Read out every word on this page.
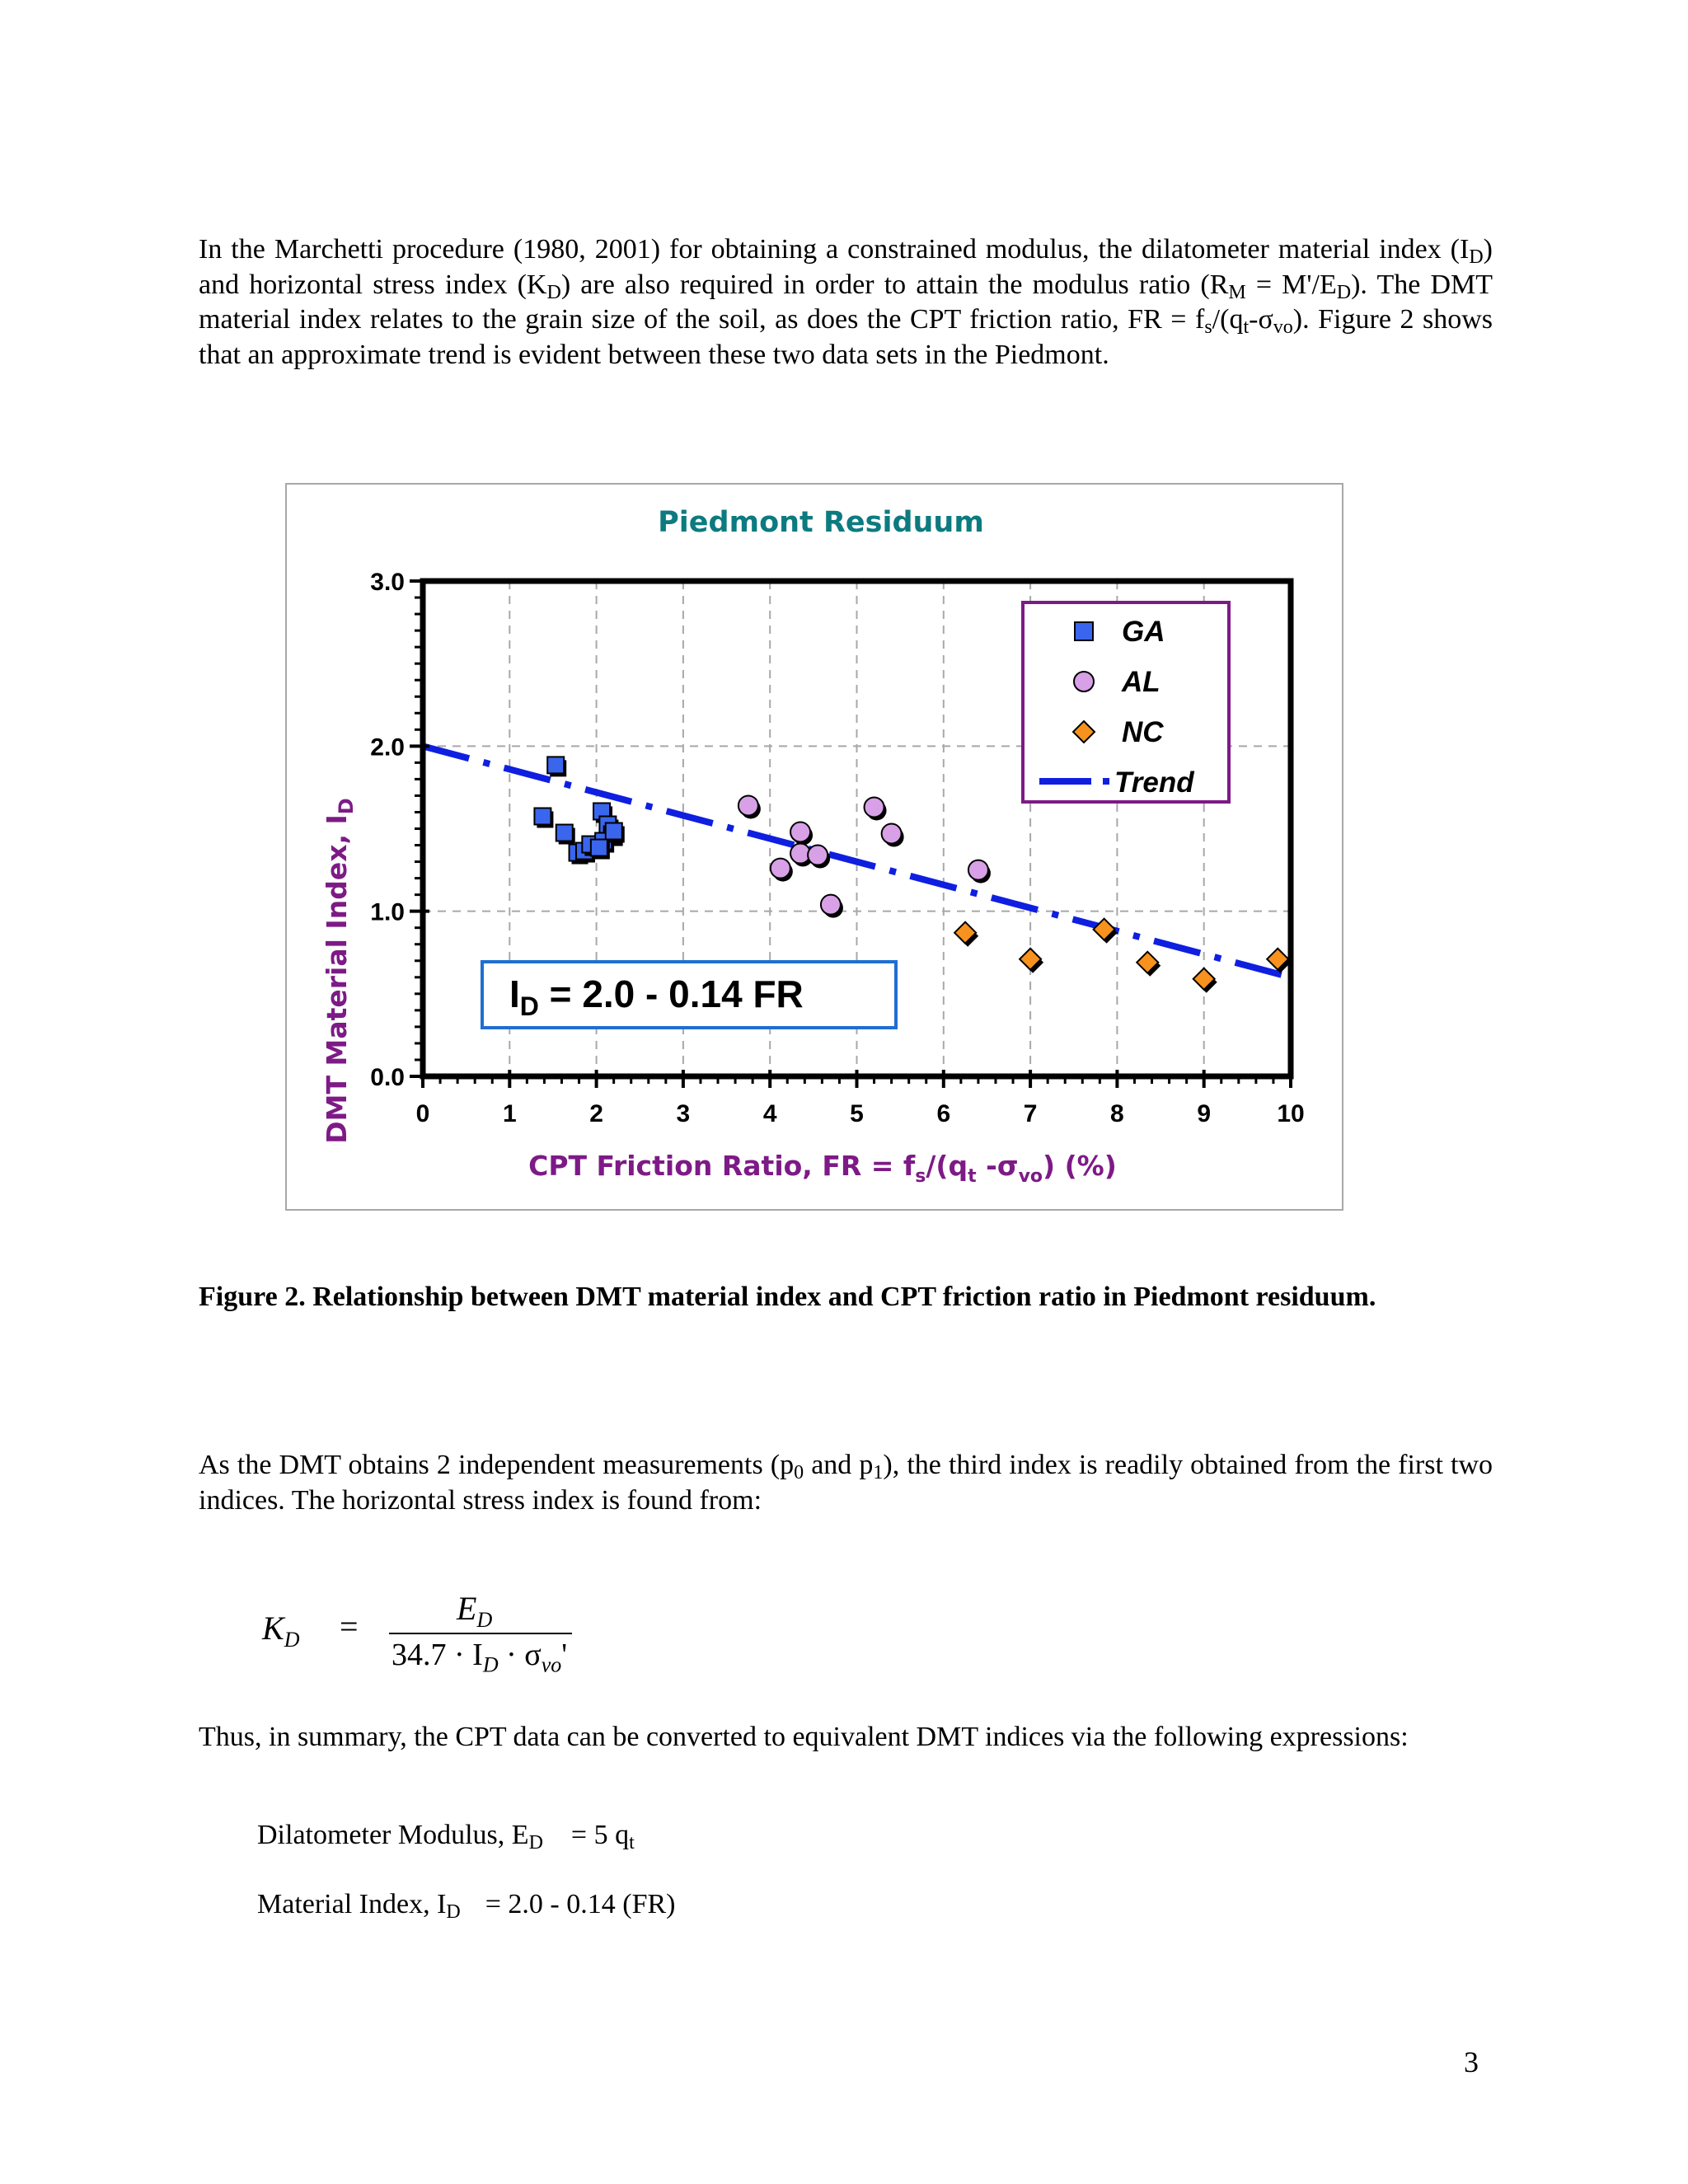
In the Marchetti procedure (1980, 2001) for obtaining a constrained modulus, the dilatometer material index $(I_D)$ and horizontal stress index $(K_D)$ are also required in order to attain the modulus ratio $(R_M = M'/E_D)$. The DMT material index relates to the grain size of the soil, as does the CPT friction ratio, FR = $f_s/(q_t-\sigma_{vo})$. Figure 2 shows that an approximate trend is evident between these two data sets in the Piedmont.

Piedmont Residuum
0	1	2	3	4	5	6	7	8	9	10
0.0
1.0
2.0
3.0
DMT Material Index, $I_D$
CPT Friction Ratio, FR = $f_s/(q_t$ $-\sigma_{vo}$) (%)
GA
AL
NC
Trend
$I_D = 2.0 - 0.14$ FR
Figure 2. Relationship between DMT material index and CPT friction ratio in Piedmont residuum.

As the DMT obtains 2 independent measurements ($p_0$ and $p_1$), the third index is readily obtained from the first two indices. The horizontal stress index is found from:

$K_D$ =	$E_D$
$34.7 \cdot I_D \cdot \sigma_{vo}'$

Thus, in summary, the CPT data can be converted to equivalent DMT indices via the following expressions:

Dilatometer Modulus, $E_D = 5$ $q_t$
Material Index, $I_D = 2.0 - 0.14$ (FR)
3
